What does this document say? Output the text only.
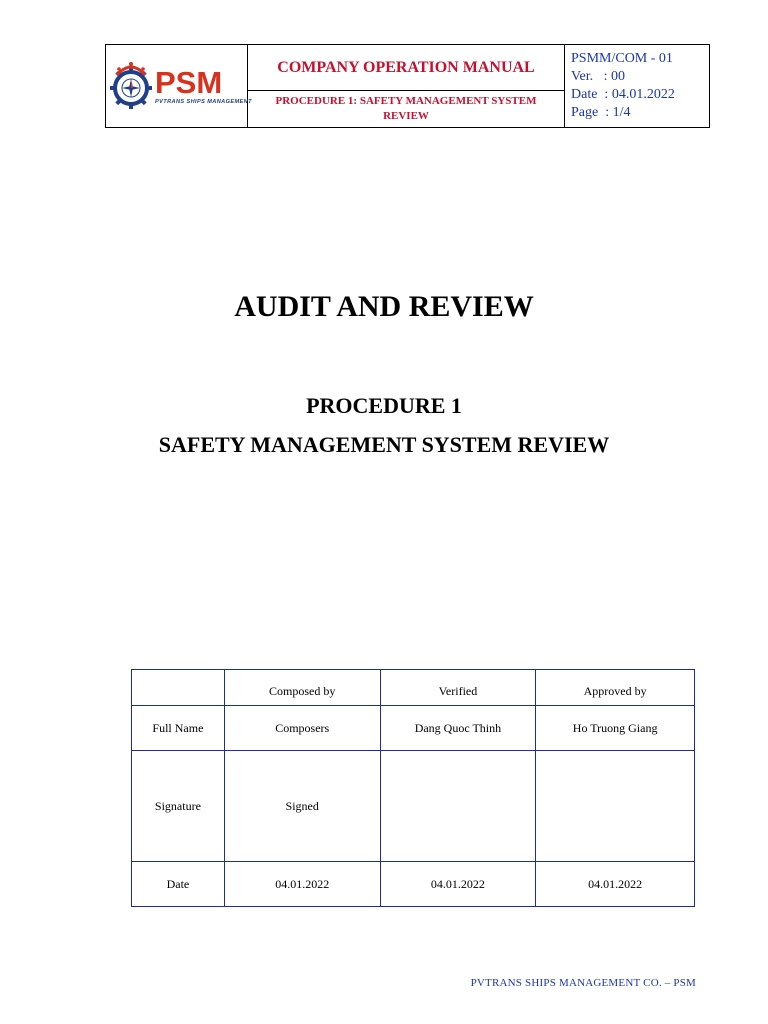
PSM
PVTRANS SHIPS MANAGEMENT
COMPANY OPERATION MANUAL
PROCEDURE 1: SAFETY MANAGEMENT SYSTEM
REVIEW
PSMM/COM - 01
Ver.   : 00
Date  : 04.01.2022
Page  : 1/4
AUDIT AND REVIEW
PROCEDURE 1
SAFETY MANAGEMENT SYSTEM REVIEW
	Composed by	Verified	Approved by
Full Name	Composers	Dang Quoc Thinh	Ho Truong Giang
Signature	Signed		
Date	04.01.2022	04.01.2022	04.01.2022
PVTRANS SHIPS MANAGEMENT CO. – PSM
